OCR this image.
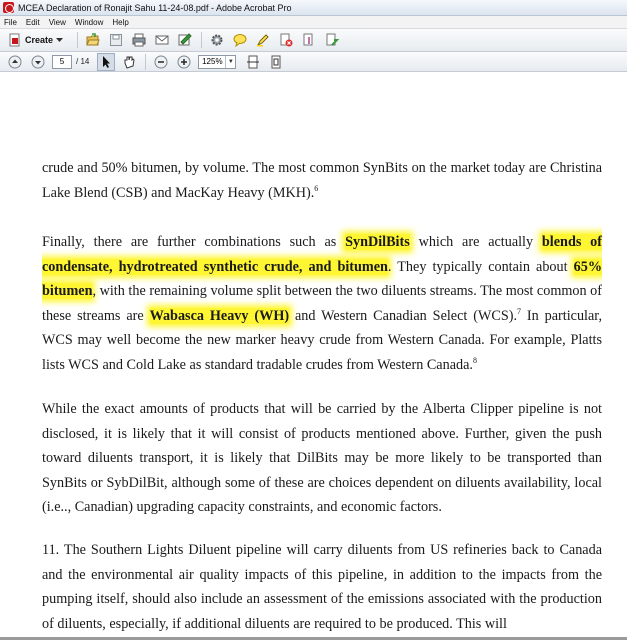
MCEA Declaration of Ronajit Sahu 11-24-08.pdf - Adobe Acrobat Pro
File Edit View Window Help
Create
5
/ 14	125% ▼

crude and 50% bitumen, by volume. The most common SynBits on the market today are Christina Lake Blend (CSB) and MacKay Heavy (MKH).$^6$

Finally, there are further combinations such as SynDilBits which are actually blends of condensate, hydrotreated synthetic crude, and bitumen. They typically contain about 65% bitumen, with the remaining volume split between the two diluents streams. The most common of these streams are Wabasca Heavy (WH) and Western Canadian Select (WCS).$^7$ In particular, WCS may well become the new marker heavy crude from Western Canada. For example, Platts lists WCS and Cold Lake as standard tradable crudes from Western Canada.$^8$

While the exact amounts of products that will be carried by the Alberta Clipper pipeline is not disclosed, it is likely that it will consist of products mentioned above. Further, given the push toward diluents transport, it is likely that DilBits may be more likely to be transported than SynBits or SybDilBit, although some of these are choices dependent on diluents availability, local (i.e.., Canadian) upgrading capacity constraints, and economic factors.

11. The Southern Lights Diluent pipeline will carry diluents from US refineries back to Canada and the environmental air quality impacts of this pipeline, in addition to the impacts from the pumping itself, should also include an assessment of the emissions associated with the production of diluents, especially, if additional diluents are required to be produced. This will
